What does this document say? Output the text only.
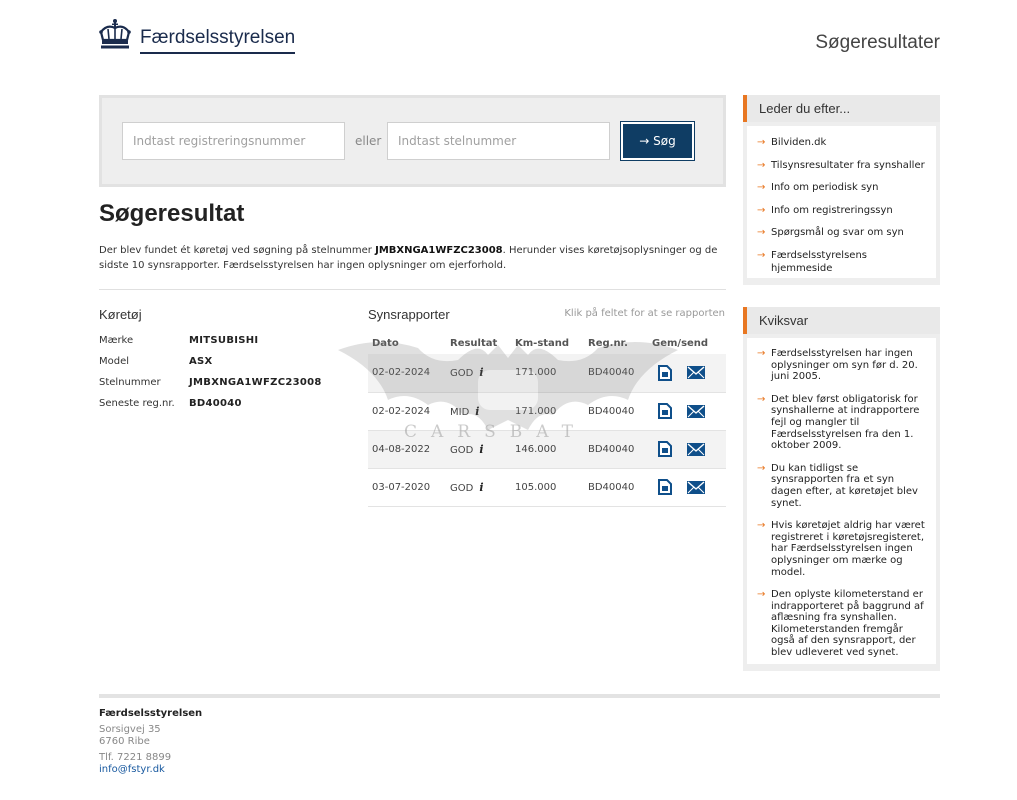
Færdselsstyrelsen	Søgeresultater
Indtast registreringsnummer
eller
Indtast stelnummer	→ Søg
Søgeresultat

Der blev fundet ét køretøj ved søgning på stelnummer JMBXNGA1WFZC23008. Herunder vises køretøjsoplysninger og de sidste 10 synsrapporter. Færdselsstyrelsen har ingen oplysninger om ejerforhold.

Køretøj
Mærke	MITSUBISHI
Model	ASX
Stelnummer	JMBXNGA1WFZC23008
Seneste reg.nr.	BD40040
Synsrapporter	Klik på feltet for at se rapporten
Dato	Resultat	Km-stand	Reg.nr.	Gem/send
02-02-2024	GOD i	171.000	BD40040	
02-02-2024	MID i	171.000	BD40040	
04-08-2022	GOD i	146.000	BD40040	
03-07-2020	GOD i	105.000	BD40040	
CARSBAT
Leder du efter...
→ Bilviden.dk
→ Tilsynsresultater fra synshaller
→ Info om periodisk syn
→ Info om registreringssyn
→ Spørgsmål og svar om syn
→ Færdselsstyrelsens hjemmeside
Kviksvar
→ Færdselsstyrelsen har ingen oplysninger om syn før d. 20. juni 2005.
→ Det blev først obligatorisk for synshallerne at indrapportere fejl og mangler til Færdselsstyrelsen fra den 1. oktober 2009.
→ Du kan tidligst se synsrapporten fra et syn dagen efter, at køretøjet blev synet.
→ Hvis køretøjet aldrig har været registreret i køretøjsregisteret, har Færdselsstyrelsen ingen oplysninger om mærke og model.
→ Den oplyste kilometerstand er indrapporteret på baggrund af aflæsning fra synshallen. Kilometerstanden fremgår også af den synsrapport, der blev udleveret ved synet.
Færdselsstyrelsen
Sorsigvej 35
6760 Ribe
Tlf. 7221 8899
info@fstyr.dk
